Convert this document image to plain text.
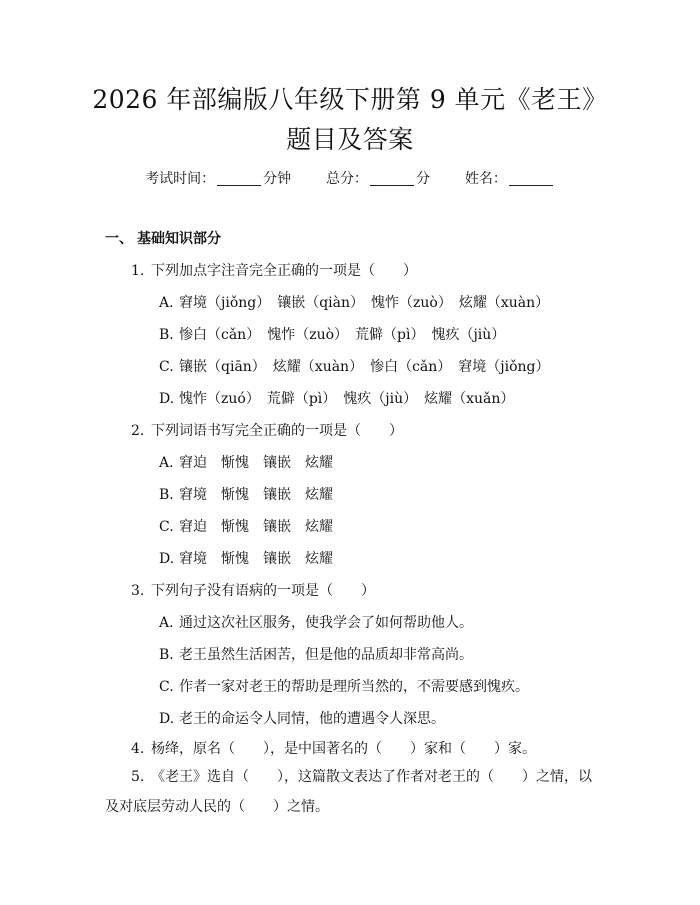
2026 年部编版八年级下册第 9 单元《老王》
题目及答案
考试时间：	分钟 总分：	分 姓名：
一、 基础知识部分
1. 下列加点字注音完全正确的一项是（　　）
A. 窘境（jiǒng）　镶嵌（qiàn）　愧怍（zuò）　炫耀（xuàn）
B. 惨白（cǎn）　愧怍（zuò）　荒僻（pì）　愧疚（jiù）
C. 镶嵌（qiān）　炫耀（xuàn）　惨白（cǎn）　窘境（jiǒng）
D. 愧怍（zuó）　荒僻（pì）　愧疚（jiù）　炫耀（xuǎn）
2. 下列词语书写完全正确的一项是（　　）
A. 窘迫　惭愧　镶嵌　炫耀
B. 窘境　惭愧　镶嵌　炫耀
C. 窘迫　惭愧　镶嵌　炫耀
D. 窘境　惭愧　镶嵌　炫耀
3. 下列句子没有语病的一项是（　　）
A. 通过这次社区服务，使我学会了如何帮助他人。
B. 老王虽然生活困苦，但是他的品质却非常高尚。
C. 作者一家对老王的帮助是理所当然的，不需要感到愧疚。
D. 老王的命运令人同情，他的遭遇令人深思。
4. 杨绛，原名（　　），是中国著名的（　　）家和（　　）家。
5. 《老王》选自（　　），这篇散文表达了作者对老王的（　　）之情，以
及对底层劳动人民的（　　）之情。
